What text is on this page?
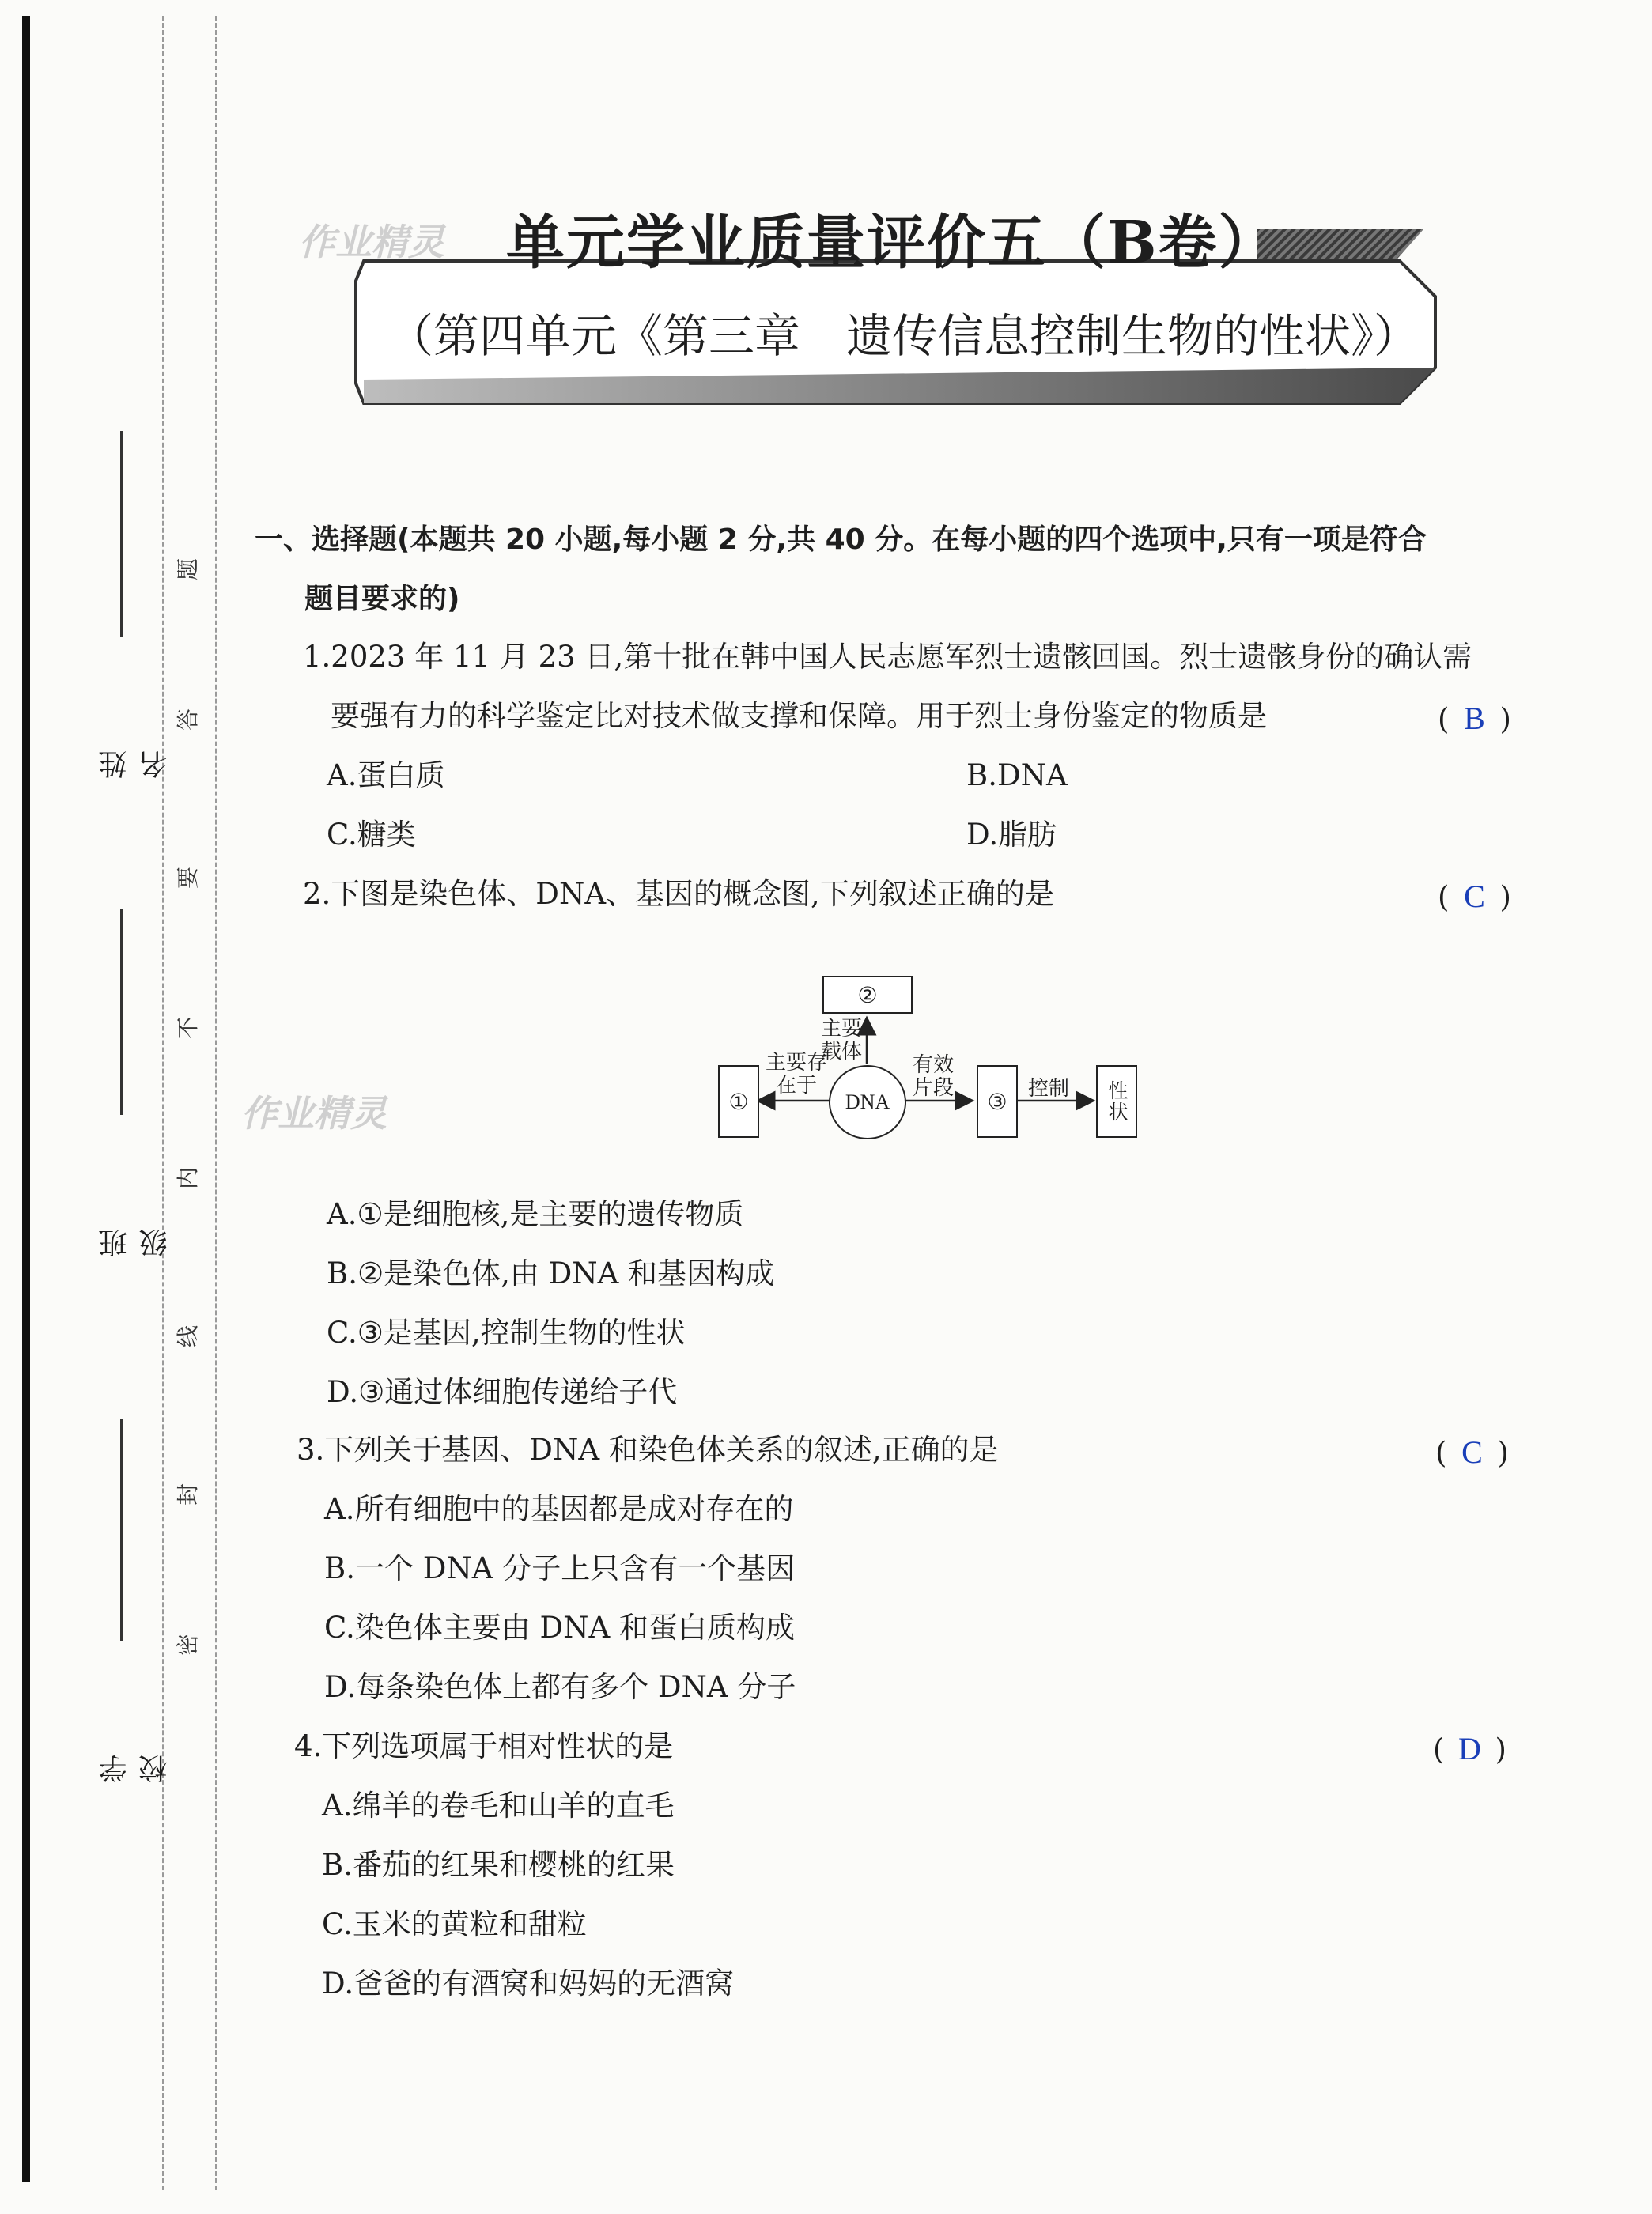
学 校
班 级
姓 名
密
封
线
内
不
要
答
题
作业精灵 单元学业质量评价五（B卷）
（第四单元《第三章　遗传信息控制生物的性状》）
一、选择题(本题共 20 小题,每小题 2 分,共 40 分。在每小题的四个选项中,只有一项是符合
题目要求的)
1.2023 年 11 月 23 日,第十批在韩中国人民志愿军烈士遗骸回国。烈士遗骸身份的确认需
要强有力的科学鉴定比对技术做支撑和保障。用于烈士身份鉴定的物质是	( B )
A.蛋白质	B.DNA
C.糖类	D.脂肪
2.下图是染色体、DNA、基因的概念图,下列叙述正确的是	( C )
①
②
DNA	③	性状
主要存在于
主要载体
有效片段	控制
作业精灵
A.①是细胞核,是主要的遗传物质
B.②是染色体,由 DNA 和基因构成
C.③是基因,控制生物的性状
D.③通过体细胞传递给子代
3.下列关于基因、DNA 和染色体关系的叙述,正确的是	( C )
A.所有细胞中的基因都是成对存在的
B.一个 DNA 分子上只含有一个基因
C.染色体主要由 DNA 和蛋白质构成
D.每条染色体上都有多个 DNA 分子
4.下列选项属于相对性状的是	( D )
A.绵羊的卷毛和山羊的直毛
B.番茄的红果和樱桃的红果
C.玉米的黄粒和甜粒
D.爸爸的有酒窝和妈妈的无酒窝
